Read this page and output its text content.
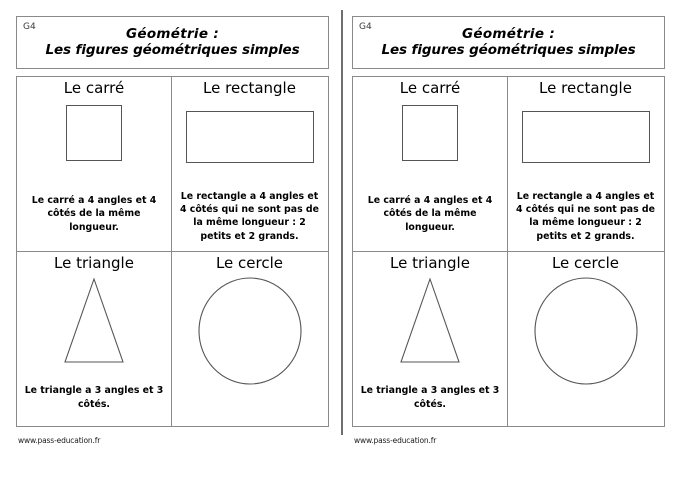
G4	Géométrie :
Les figures géométriques simples
Le carré
Le carré a 4 angles et 4 côtés de la même longueur.
Le rectangle
Le rectangle a 4 angles et 4 côtés qui ne sont pas de la même longueur : 2 petits et 2 grands.
Le triangle
Le triangle a 3 angles et 3 côtés.
Le cercle
www.pass-education.fr
G4	Géométrie :
Les figures géométriques simples
Le carré
Le carré a 4 angles et 4 côtés de la même longueur.
Le rectangle
Le rectangle a 4 angles et 4 côtés qui ne sont pas de la même longueur : 2 petits et 2 grands.
Le triangle
Le triangle a 3 angles et 3 côtés.
Le cercle
www.pass-education.fr
